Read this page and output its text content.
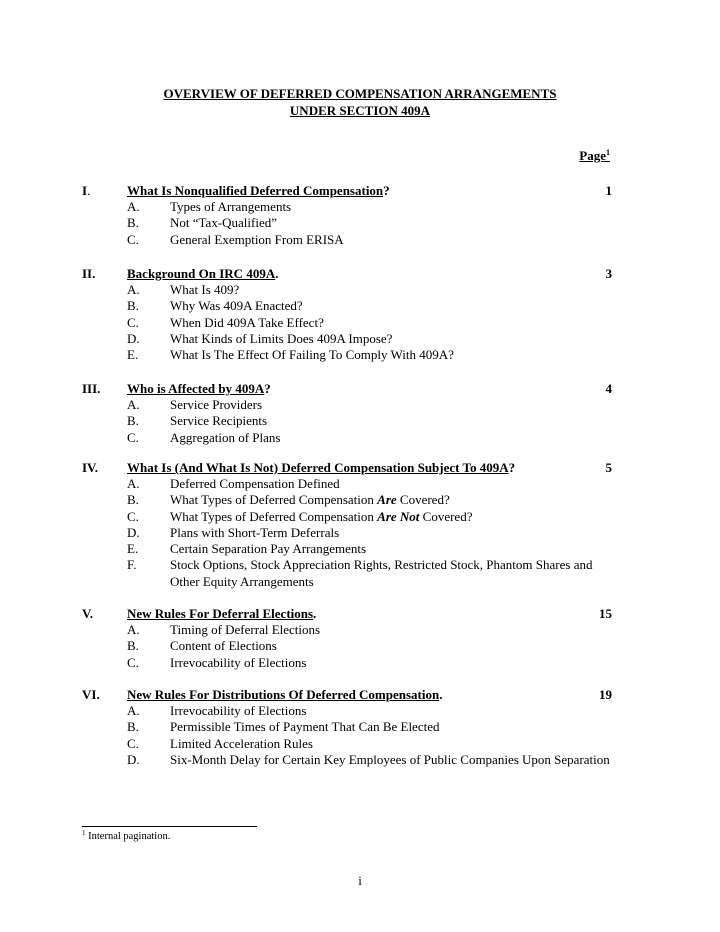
OVERVIEW OF DEFERRED COMPENSATION ARRANGEMENTS
UNDER SECTION 409A
Page$^1$
I.	What Is Nonqualified Deferred Compensation?	1
A. Types of Arrangements
B. Not “Tax-Qualified”
C. General Exemption From ERISA
II. Background On IRC 409A.	3
A. What Is 409?
B. Why Was 409A Enacted?
C. When Did 409A Take Effect?
D. What Kinds of Limits Does 409A Impose?
E. What Is The Effect Of Failing To Comply With 409A?
III. Who is Affected by 409A?	4
A. Service Providers
B. Service Recipients
C. Aggregation of Plans
IV. What Is (And What Is Not) Deferred Compensation Subject To 409A?	5
A. Deferred Compensation Defined
B. What Types of Deferred Compensation Are Covered?
C. What Types of Deferred Compensation Are Not Covered?
D. Plans with Short-Term Deferrals
E. Certain Separation Pay Arrangements
F.	Stock Options, Stock Appreciation Rights, Restricted Stock, Phantom Shares and Other Equity Arrangements
V.	New Rules For Deferral Elections.	15
A. Timing of Deferral Elections
B. Content of Elections
C. Irrevocability of Elections
VI. New Rules For Distributions Of Deferred Compensation.	19
A. Irrevocability of Elections
B. Permissible Times of Payment That Can Be Elected
C. Limited Acceleration Rules
D. Six-Month Delay for Certain Key Employees of Public Companies Upon Separation
$^1$ Internal pagination.
i
